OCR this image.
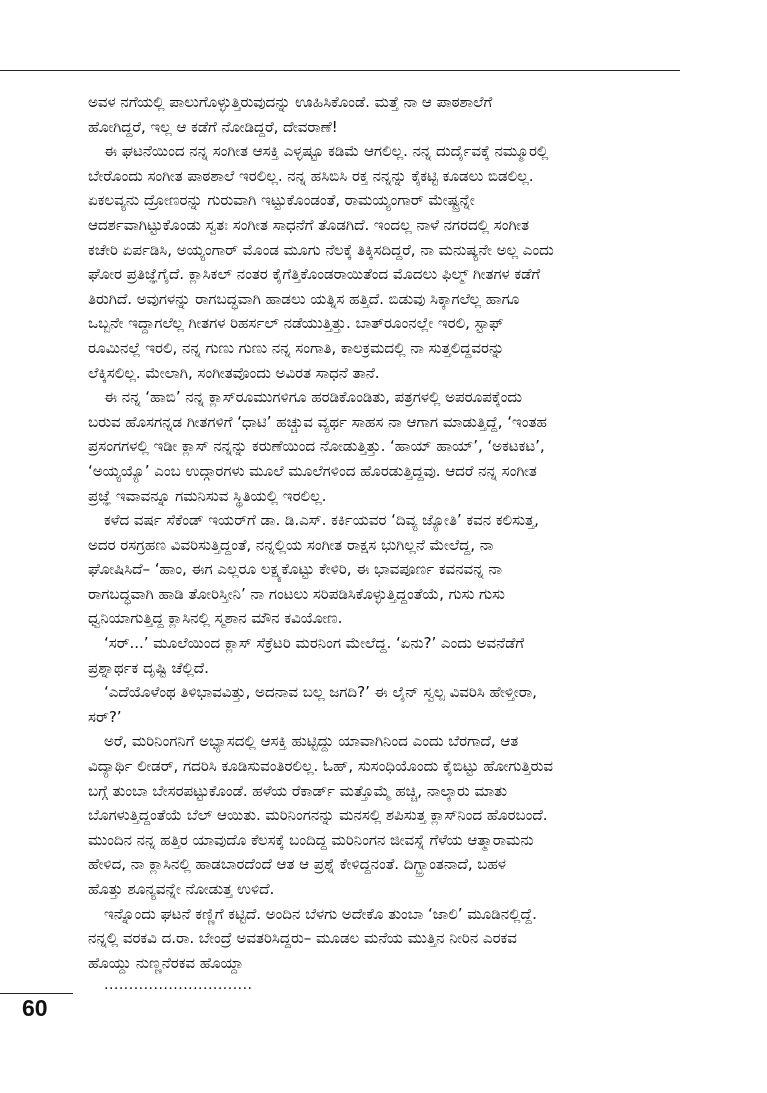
ಅವಳ ನಗೆಯಲ್ಲಿ ಪಾಲುಗೊಳ್ಳುತ್ತಿರುವುದನ್ನು ಊಹಿಸಿಕೊಂಡೆ. ಮತ್ತೆ ನಾ ಆ ಪಾಠಶಾಲೆಗೆ
ಹೋಗಿದ್ದರೆ, ಇಲ್ಲ ಆ ಕಡೆಗೆ ನೋಡಿದ್ದರೆ, ದೇವರಾಣೆ!
ಈ ಘಟನೆಯಿಂದ ನನ್ನ ಸಂಗೀತ ಆಸಕ್ತಿ ಎಳ್ಳಷ್ಟೂ ಕಡಿಮೆ ಆಗಲಿಲ್ಲ. ನನ್ನ ದುರ್ದೈವಕ್ಕೆ ನಮ್ಮೂರಲ್ಲಿ
ಬೇರೊಂದು ಸಂಗೀತ ಪಾಠಶಾಲೆ ಇರಲಿಲ್ಲ. ನನ್ನ ಹಸಿಬಿಸಿ ರಕ್ತ ನನ್ನನ್ನು ಕೈಕಟ್ಟಿ ಕೂಡಲು ಬಿಡಲಿಲ್ಲ.
ಏಕಲವ್ಯನು ದ್ರೋಣರನ್ನು ಗುರುವಾಗಿ ಇಟ್ಟುಕೊಂಡಂತೆ, ರಾಮಯ್ಯಂಗಾರ್ ಮೇಷ್ಟ್ರನ್ನೇ
ಆದರ್ಶವಾಗಿಟ್ಟುಕೊಂಡು ಸ್ವತಃ ಸಂಗೀತ ಸಾಧನೆಗೆ ತೊಡಗಿದೆ. ಇಂದಲ್ಲ ನಾಳೆ ನಗರದಲ್ಲಿ ಸಂಗೀತ
ಕಚೇರಿ ಏರ್ಪಡಿಸಿ, ಅಯ್ಯಂಗಾರ್ ಮೊಂಡ ಮೂಗು ನೆಲಕ್ಕೆ ತಿಕ್ಕಿಸದಿದ್ದರೆ, ನಾ ಮನುಷ್ಯನೇ ಅಲ್ಲ ಎಂದು
ಘೋರ ಪ್ರತಿಜ್ಞೆಗೈದೆ. ಕ್ಲಾಸಿಕಲ್ ನಂತರ ಕೈಗೆತ್ತಿಕೊಂಡರಾಯಿತೆಂದ ಮೊದಲು ಫಿಲ್ಮ್ ಗೀತಗಳ ಕಡೆಗೆ
ತಿರುಗಿದೆ. ಅವುಗಳನ್ನು ರಾಗಬದ್ಧವಾಗಿ ಹಾಡಲು ಯತ್ನಿಸ ಹತ್ತಿದೆ. ಬಿಡುವು ಸಿಕ್ಕಾಗಲೆಲ್ಲ ಹಾಗೂ
ಒಬ್ಬನೇ ಇದ್ದಾಗಲೆಲ್ಲ ಗೀತಗಳ ರಿಹರ್ಸಲ್ ನಡೆಯುತ್ತಿತ್ತು. ಬಾತ್‌ರೂಂನಲ್ಲೇ ಇರಲಿ, ಸ್ಟಾಫ್
ರೂಮಿನಲ್ಲೆ ಇರಲಿ, ನನ್ನ ಗುಣು ಗುಣು ನನ್ನ ಸಂಗಾತಿ, ಕಾಲಕ್ರಮದಲ್ಲಿ ನಾ ಸುತ್ತಲಿದ್ದವರನ್ನು
ಲೆಕ್ಕಿಸಲಿಲ್ಲ. ಮೇಲಾಗಿ, ಸಂಗೀತವೊಂದು ಅವಿರತ ಸಾಧನೆ ತಾನೆ.
ಈ ನನ್ನ ‘ಹಾಬಿ’ ನನ್ನ ಕ್ಲಾಸ್‌ರೂಮುಗಳಿಗೂ ಹರಡಿಕೊಂಡಿತು, ಪತ್ರಗಳಲ್ಲಿ ಅಪರೂಪಕ್ಕೆಂದು
ಬರುವ ಹೊಸಗನ್ನಡ ಗೀತಗಳಿಗೆ ‘ಧಾಟಿ’ ಹಚ್ಚುವ ವ್ಯರ್ಥ ಸಾಹಸ ನಾ ಆಗಾಗ ಮಾಡುತ್ತಿದ್ದೆ, ‘ಇಂತಹ
ಪ್ರಸಂಗಗಳಲ್ಲಿ ಇಡೀ ಕ್ಲಾಸ್ ನನ್ನನ್ನು ಕರುಣೆಯಿಂದ ನೋಡುತ್ತಿತ್ತು. ‘ಹಾಯ್ ಹಾಯ್’, ‘ಅಕಟಕಟ’,
‘ಅಯ್ಯಯ್ಯೊ’ ಎಂಬ ಉದ್ಗಾರಗಳು ಮೂಲೆ ಮೂಲೆಗಳಿಂದ ಹೊರಡುತ್ತಿದ್ದವು. ಆದರೆ ನನ್ನ ಸಂಗೀತ
ಪ್ರಜ್ಞೆ ಇವಾವನ್ನೂ ಗಮನಿಸುವ ಸ್ಥಿತಿಯಲ್ಲಿ ಇರಲಿಲ್ಲ.
ಕಳೆದ ವರ್ಷ ಸೆಕೆಂಡ್ ಇಯರ್‌ಗೆ ಡಾ. ಡಿ.ಎಸ್. ಕರ್ಕಿಯವರ ‘ದಿವ್ಯ ಜ್ಯೋತಿ’ ಕವನ ಕಲಿಸುತ್ತ,
ಅದರ ರಸಗ್ರಹಣ ವಿವರಿಸುತ್ತಿದ್ದಂತೆ, ನನ್ನಲ್ಲಿಯ ಸಂಗೀತ ರಾಕ್ಷಸ ಭುಗಿಲ್ಲನೆ ಮೇಲೆದ್ದ, ನಾ
ಘೋಷಿಸಿದೆ– ‘ಹಾಂ, ಈಗ ಎಲ್ಲರೂ ಲಕ್ಷ್ಯಕೊಟ್ಟು ಕೇಳಿರಿ, ಈ ಭಾವಪೂರ್ಣ ಕವನವನ್ನ ನಾ
ರಾಗಬದ್ಧವಾಗಿ ಹಾಡಿ ತೋರಿಸ್ತೀನಿ’ ನಾ ಗಂಟಲು ಸರಿಪಡಿಸಿಕೊಳ್ಳುತ್ತಿದ್ದಂತೆಯೆ, ಗುಸು ಗುಸು
ಧ್ವನಿಯಾಗುತ್ತಿದ್ದ ಕ್ಲಾಸಿನಲ್ಲಿ ಸ್ಮಶಾನ ಮೌನ ಕವಿಯೋಣ.
‘ಸರ್...’ ಮೂಲೆಯಿಂದ ಕ್ಲಾಸ್ ಸೆಕ್ರೆಟರಿ ಮರನಿಂಗ ಮೇಲೆದ್ದ. ‘ಏನು?’ ಎಂದು ಅವನೆಡೆಗೆ
ಪ್ರಶ್ನಾರ್ಥಕ ದೃಷ್ಟಿ ಚೆಲ್ಲಿದೆ.
‘ಎದೆಯೊಳೆಂಥ ತಿಳಿಭಾವವಿತ್ತು, ಅದನಾವ ಬಲ್ಲ ಜಗದಿ?’ ಈ ಲೈನ್ ಸ್ವಲ್ಪ ವಿವರಿಸಿ ಹೇಳ್ತೀರಾ,
ಸರ್?’
ಅರೆ, ಮರಿನಿಂಗನಿಗೆ ಅಭ್ಯಾಸದಲ್ಲಿ ಆಸಕ್ತಿ ಹುಟ್ಟಿದ್ದು ಯಾವಾಗಿನಿಂದ ಎಂದು ಬೆರಗಾದೆ, ಆತ
ವಿದ್ಯಾರ್ಥಿ ಲೀಡರ್, ಗದರಿಸಿ ಕೂಡಿಸುವಂತಿರಲಿಲ್ಲ. ಓಹ್, ಸುಸಂಧಿಯೊಂದು ಕೈಬಿಟ್ಟು ಹೋಗುತ್ತಿರುವ
ಬಗ್ಗೆ ತುಂಬಾ ಬೇಸರಪಟ್ಟುಕೊಂಡೆ. ಹಳೆಯ ರೆಕಾರ್ಡ್ ಮತ್ತೊಮ್ಮೆ ಹಚ್ಚಿ, ನಾಲ್ಕಾರು ಮಾತು
ಬೊಗಳುತ್ತಿದ್ದಂತೆಯೆ ಬೆಲ್ ಆಯಿತು. ಮರಿನಿಂಗನನ್ನು ಮನಸಲ್ಲಿ ಶಪಿಸುತ್ತ ಕ್ಲಾಸ್‌ನಿಂದ ಹೊರಬಂದೆ.
ಮುಂದಿನ ನನ್ನ ಹತ್ತಿರ ಯಾವುದೊ ಕೆಲಸಕ್ಕೆ ಬಂದಿದ್ದ ಮರಿನಿಂಗನ ಜೀವಸ್ನೆ ಗೆಳೆಯ ಆತ್ಮಾರಾಮನು
ಹೇಳಿದ, ನಾ ಕ್ಲಾಸಿನಲ್ಲಿ ಹಾಡಬಾರದೆಂದೆ ಆತ ಆ ಪ್ರಶ್ನೆ ಕೇಳಿದ್ದನಂತೆ. ದಿಗ್ಭ್ರಾಂತನಾದೆ, ಬಹಳ
ಹೊತ್ತು ಶೂನ್ಯವನ್ನೇ ನೋಡುತ್ತ ಉಳಿದೆ.
ಇನ್ನೊಂದು ಘಟನೆ ಕಣ್ಣಿಗೆ ಕಟ್ಟಿದೆ. ಅಂದಿನ ಬೆಳಗು ಅದೇಕೊ ತುಂಬಾ ‘ಜಾಲಿ’ ಮೂಡಿನಲ್ಲಿದ್ದೆ.
ನನ್ನಲ್ಲಿ ವರಕವಿ ದ.ರಾ. ಬೇಂದ್ರೆ ಅವತರಿಸಿದ್ದರು– ಮೂಡಲ ಮನೆಯ ಮುತ್ತಿನ ನೀರಿನ ಎರಕವ
ಹೊಯ್ದು ನುಣ್ಣನೆರಕವ ಹೊಯ್ದಾ
..............................
60
